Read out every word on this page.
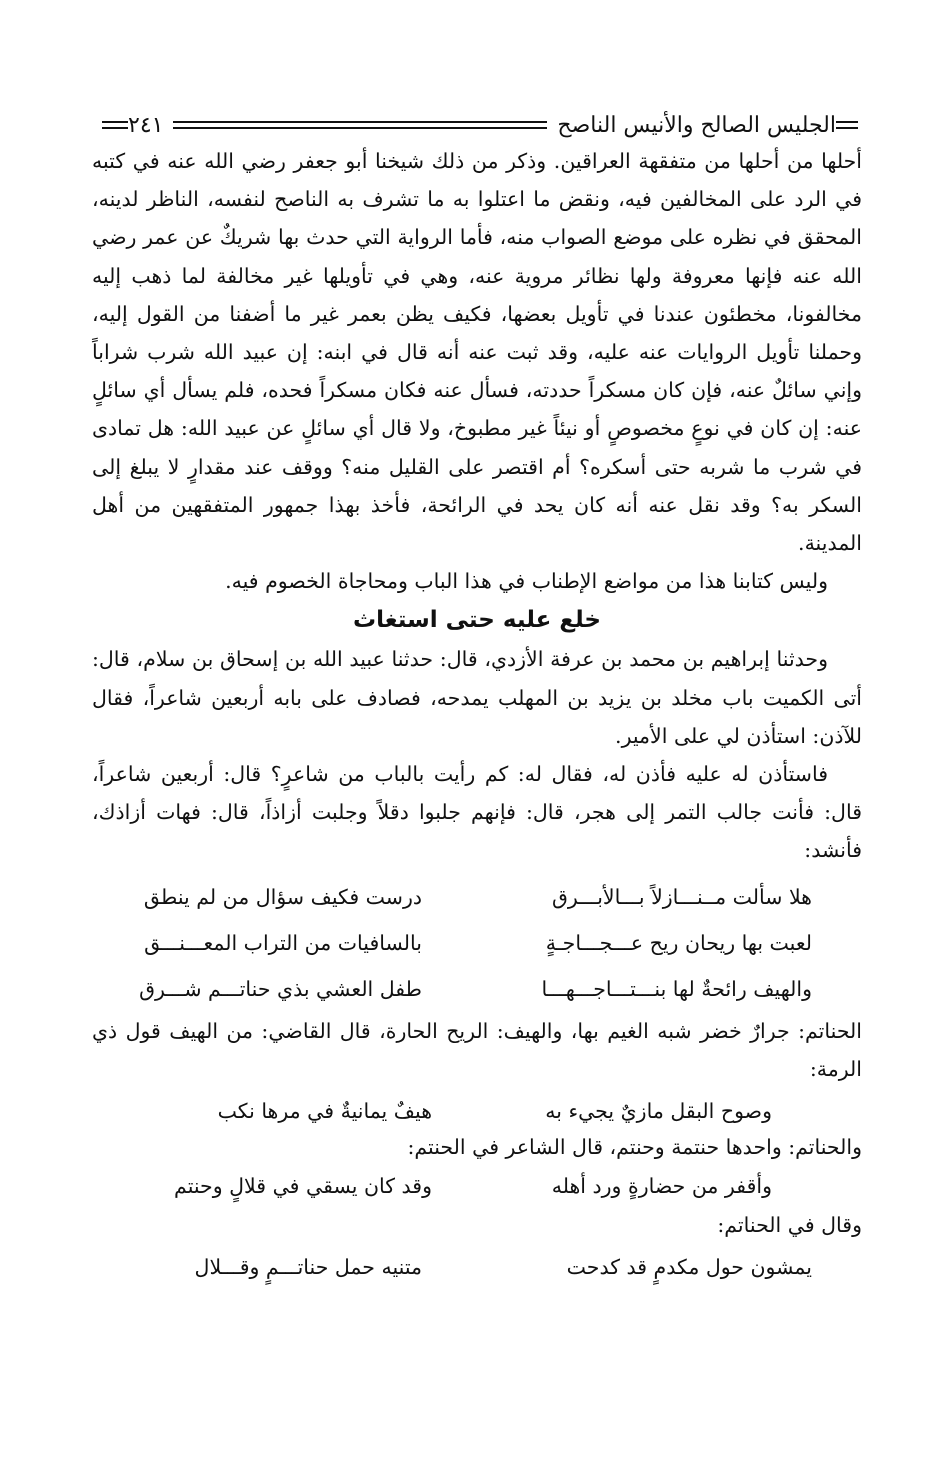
الجليس الصالح والأنيس الناصح
٢٤١

أحلها من أحلها من متفقهة العراقين. وذكر من ذلك شيخنا أبو جعفر رضي الله عنه في كتبه في الرد على المخالفين فيه، ونقض ما اعتلوا به ما تشرف به الناصح لنفسه، الناظر لدينه، المحقق في نظره على موضع الصواب منه، فأما الرواية التي حدث بها شريكٌ عن عمر رضي الله عنه فإنها معروفة ولها نظائر مروية عنه، وهي في تأويلها غير مخالفة لما ذهب إليه مخالفونا، مخطئون عندنا في تأويل بعضها، فكيف يظن بعمر غير ما أضفنا من القول إليه، وحملنا تأويل الروايات عنه عليه، وقد ثبت عنه أنه قال في ابنه: إن عبيد الله شرب شراباً وإني سائلٌ عنه، فإن كان مسكراً حددته، فسأل عنه فكان مسكراً فحده، فلم يسأل أي سائلٍ عنه: إن كان في نوعٍ مخصوصٍ أو نيئاً غير مطبوخ، ولا قال أي سائلٍ عن عبيد الله: هل تمادى في شرب ما شربه حتى أسكره؟ أم اقتصر على القليل منه؟ ووقف عند مقدارٍ لا يبلغ إلى السكر به؟ وقد نقل عنه أنه كان يحد في الرائحة، فأخذ بهذا جمهور المتفقهين من أهل المدينة.

وليس كتابنا هذا من مواضع الإطناب في هذا الباب ومحاجاة الخصوم فيه.

خلع عليه حتى استغاث

وحدثنا إبراهيم بن محمد بن عرفة الأزدي، قال: حدثنا عبيد الله بن إسحاق بن سلام، قال: أتى الكميت باب مخلد بن يزيد بن المهلب يمدحه، فصادف على بابه أربعين شاعراً، فقال للآذن: استأذن لي على الأمير.

فاستأذن له عليه فأذن له، فقال له: كم رأيت بالباب من شاعرٍ؟ قال: أربعين شاعراً، قال: فأنت جالب التمر إلى هجر، قال: فإنهم جلبوا دقلاً وجلبت أزاذاً، قال: فهات أزاذك، فأنشد:

هلا سألت مــنـــازلاً بـــالأبـــرق
درست فكيف سؤال من لم ينطق
لعبت بها ريحان ريح عـــجـــاجـةٍ
بالسافيات من التراب المعـــنـــق
والهيف رائحةٌ لها بنـــتـــاجـــهـــا
طفل العشي بذي حناتـــم شـــرق

الحناتم: جرارٌ خضر شبه الغيم بها، والهيف: الريح الحارة، قال القاضي: من الهيف قول ذي الرمة:

وصوح البقل مازيٌ يجيء به
هيفٌ يمانيةٌ في مرها نكب

والحناتم: واحدها حنتمة وحنتم، قال الشاعر في الحنتم:

وأقفر من حضارةٍ ورد أهله
وقد كان يسقي في قلالٍ وحنتم

وقال في الحناتم:

يمشون حول مكدمٍ قد كدحت
متنيه حمل حناتـــمٍ وقـــلال
